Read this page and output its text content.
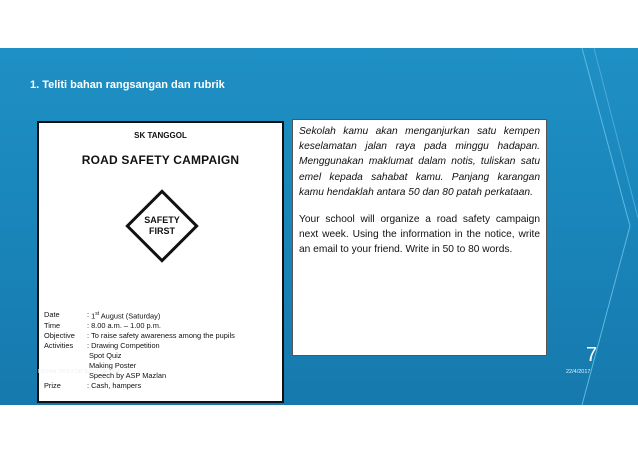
1. Teliti bahan rangsangan dan rubrik
SK TANGGOL
ROAD SAFETY CAMPAIGN
SAFETY
FIRST
Date	: 1st August (Saturday)
Time	: 8.00 a.m. – 1.00 p.m.
Objective	: To raise safety awareness among the pupils
Activities	: Drawing Competition
Spot Quiz
Making Poster
Speech by ASP Mazlan
Prize	: Cash, hampers

Sekolah kamu akan menganjurkan satu kempen keselamatan jalan raya pada minggu hadapan. Menggunakan maklumat dalam notis, tuliskan satu emel kepada sahabat kamu. Panjang karangan kamu hendaklah antara 50 dan 80 patah perkataan.

Your school will organize a road safety campaign next week. Using the information in the notice, write an email to your friend. Write in 50 to 80 words.

7
EXTRA TIPS FOR B2 UPSR O14	22/4/2017
